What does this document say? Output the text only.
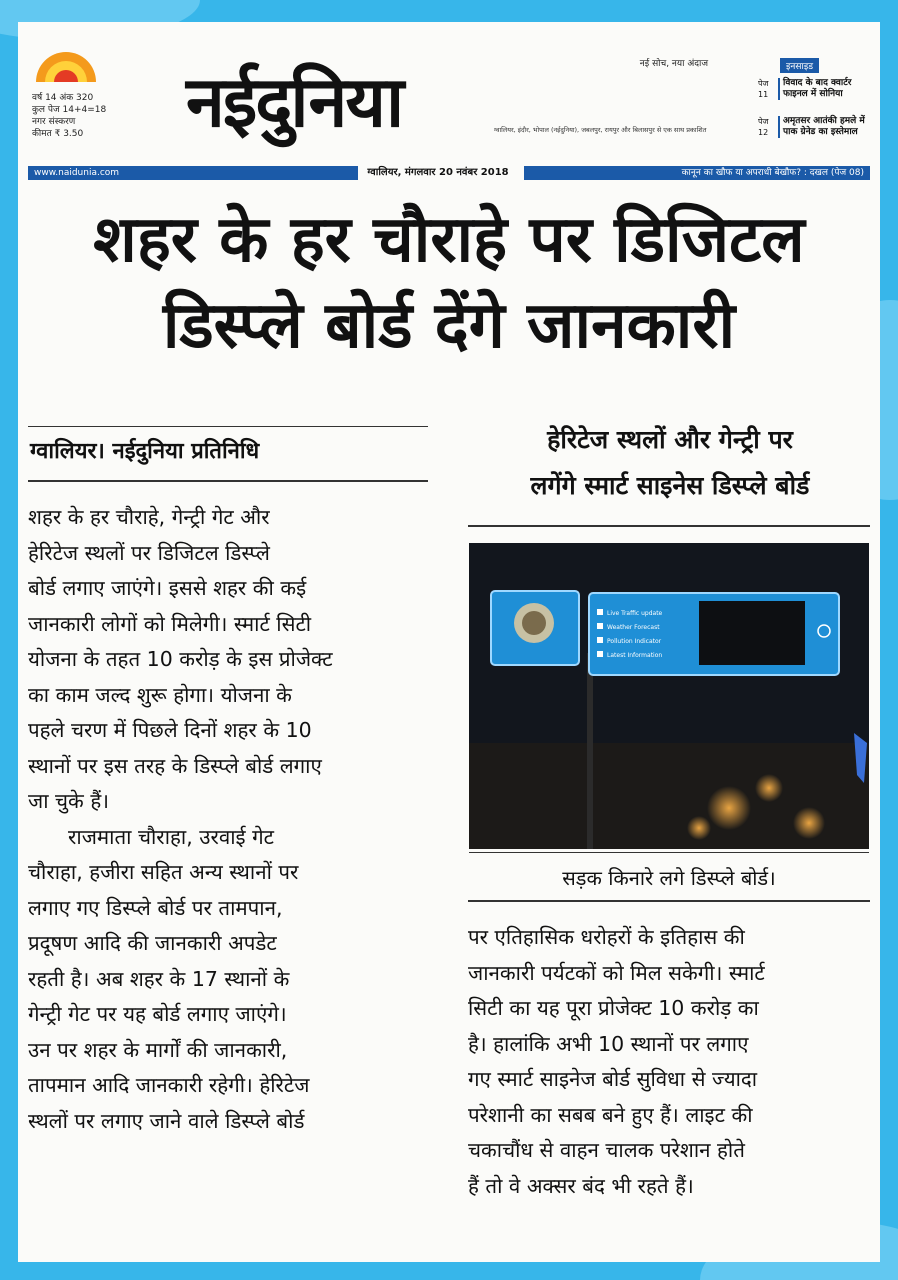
वर्ष 14 अंक 320
कुल पेज 14+4=18
नगर संस्करण
कीमत ₹ 3.50
नई सोच, नया अंदाज
नईदुनिया	ग्वालियर, इंदौर, भोपाल (नईदुनिया), जबलपुर, रायपुर और बिलासपुर से एक साथ प्रकाशित
इनसाइड
पेज
11विवाद के बाद क्वार्टर फाइनल में सोनिया
पेज
12अमृतसर आतंकी हमले में पाक ग्रेनेड का इस्तेमाल
www.naidunia.com	ग्वालियर, मंगलवार 20 नवंबर 2018	कानून का खौफ या अपराधी बेखौफ? : दखल (पेज 08)
शहर के हर चौराहे पर डिजिटल
डिस्प्ले बोर्ड देंगे जानकारी
ग्वालियर। नईदुनिया प्रतिनिधि
शहर के हर चौराहे, गेन्ट्री गेट और
हेरिटेज स्थलों पर डिजिटल डिस्प्ले
बोर्ड लगाए जाएंगे। इससे शहर की कई
जानकारी लोगों को मिलेगी। स्मार्ट सिटी
योजना के तहत 10 करोड़ के इस प्रोजेक्ट
का काम जल्द शुरू होगा। योजना के
पहले चरण में पिछले दिनों शहर के 10
स्थानों पर इस तरह के डिस्प्ले बोर्ड लगाए
जा चुके हैं।
राजमाता चौराहा, उरवाई गेट
चौराहा, हजीरा सहित अन्य स्थानों पर
लगाए गए डिस्प्ले बोर्ड पर तामपान,
प्रदूषण आदि की जानकारी अपडेट
रहती है। अब शहर के 17 स्थानों के
गेन्ट्री गेट पर यह बोर्ड लगाए जाएंगे।
उन पर शहर के मार्गों की जानकारी,
तापमान आदि जानकारी रहेगी। हेरिटेज
स्थलों पर लगाए जाने वाले डिस्प्ले बोर्ड
हेरिटेज स्थलों और गेन्ट्री पर
लगेंगे स्मार्ट साइनेस डिस्प्ले बोर्ड
Live Traffic update
Weather Forecast
Pollution Indicator
Latest Information
सड़क किनारे लगे डिस्प्ले बोर्ड।
पर एतिहासिक धरोहरों के इतिहास की
जानकारी पर्यटकों को मिल सकेगी। स्मार्ट
सिटी का यह पूरा प्रोजेक्ट 10 करोड़ का
है। हालांकि अभी 10 स्थानों पर लगाए
गए स्मार्ट साइनेज बोर्ड सुविधा से ज्यादा
परेशानी का सबब बने हुए हैं। लाइट की
चकाचौंध से वाहन चालक परेशान होते
हैं तो वे अक्सर बंद भी रहते हैं।
